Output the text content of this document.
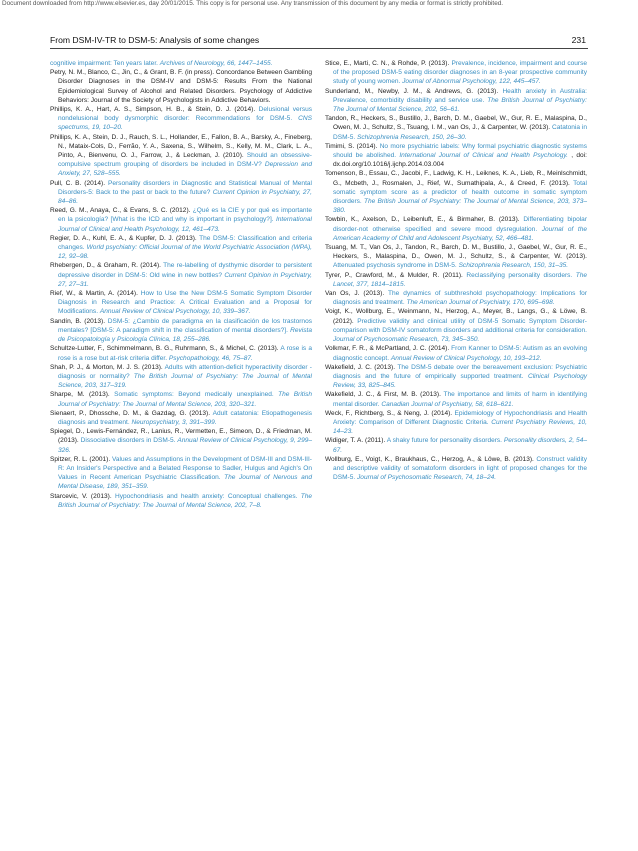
Document downloaded from http://www.elsevier.es, day 20/01/2015. This copy is for personal use. Any transmission of this document by any media or format is strictly prohibited.
From DSM-IV-TR to DSM-5: Analysis of some changes	231

cognitive impairment: Ten years later. Archives of Neurology, 66, 1447–1455.

Petry, N. M., Blanco, C., Jin, C., & Grant, B. F. (in press). Concordance Between Gambling Disorder Diagnoses in the DSM-IV and DSM-5: Results From the National Epidemiological Survey of Alcohol and Related Disorders. Psychology of Addictive Behaviors: Journal of the Society of Psychologists in Addictive Behaviors.

Phillips, K. A., Hart, A. S., Simpson, H. B., & Stein, D. J. (2014). Delusional versus nondelusional body dysmorphic disorder: Recommendations for DSM-5. CNS spectrums, 19, 10–20.

Phillips, K. A., Stein, D. J., Rauch, S. L., Hollander, E., Fallon, B. A., Barsky, A., Fineberg, N., Mataix-Cols, D., Ferrão, Y. A., Saxena, S., Wilhelm, S., Kelly, M. M., Clark, L. A., Pinto, A., Bienvenu, O. J., Farrow, J., & Leckman, J. (2010). Should an obsessive-compulsive spectrum grouping of disorders be included in DSM-V? Depression and Anxiety, 27, 528–555.

Pull, C. B. (2014). Personality disorders in Diagnostic and Statistical Manual of Mental Disorders-5: Back to the past or back to the future? Current Opinion in Psychiatry, 27, 84–86.

Reed, G. M., Anaya, C., & Evans, S. C. (2012). ¿Qué es la CIE y por qué es importante en la psicología? [What is the ICD and why is important in psychology?]. International Journal of Clinical and Health Psychology, 12, 461–473.

Regier, D. A., Kuhl, E. A., & Kupfer, D. J. (2013). The DSM-5: Classification and criteria changes. World psychiatry: Official Journal of the World Psychiatric Association (WPA), 12, 92–98.

Rhebergen, D., & Graham, R. (2014). The re-labelling of dysthymic disorder to persistent depressive disorder in DSM-5: Old wine in new bottles? Current Opinion in Psychiatry, 27, 27–31.

Rief, W., & Martin, A. (2014). How to Use the New DSM-5 Somatic Symptom Disorder Diagnosis in Research and Practice: A Critical Evaluation and a Proposal for Modifications. Annual Review of Clinical Psychology, 10, 339–367.

Sandín, B. (2013). DSM-5: ¿Cambio de paradigma en la clasificación de los trastornos mentales? [DSM-5: A paradigm shift in the classification of mental disorders?]. Revista de Psicopatología y Psicología Clínica, 18, 255–286.

Schultze-Lutter, F., Schimmelmann, B. G., Ruhrmann, S., & Michel, C. (2013). A rose is a rose is a rose but at-risk criteria differ. Psychopathology, 46, 75–87.

Shah, P. J., & Morton, M. J. S. (2013). Adults with attention-deficit hyperactivity disorder - diagnosis or normality? The British Journal of Psychiatry: The Journal of Mental Science, 203, 317–319.

Sharpe, M. (2013). Somatic symptoms: Beyond medically unexplained. The British Journal of Psychiatry: The Journal of Mental Science, 203, 320–321.

Sienaert, P., Dhossche, D. M., & Gazdag, G. (2013). Adult catatonia: Etiopathogenesis diagnosis and treatment. Neuropsychiatry, 3, 391–399.

Spiegel, D., Lewis-Fernández, R., Lanius, R., Vermetten, E., Simeon, D., & Friedman, M. (2013). Dissociative disorders in DSM-5. Annual Review of Clinical Psychology, 9, 299–326.

Spitzer, R. L. (2001). Values and Assumptions in the Development of DSM-III and DSM-III-R: An Insider's Perspective and a Belated Response to Sadler, Hulgus and Agich's On Values in Recent American Psychiatric Classification. The Journal of Nervous and Mental Disease, 189, 351–359.

Starcevic, V. (2013). Hypochondriasis and health anxiety: Conceptual challenges. The British Journal of Psychiatry: The Journal of Mental Science, 202, 7–8.

Stice, E., Marti, C. N., & Rohde, P. (2013). Prevalence, incidence, impairment and course of the proposed DSM-5 eating disorder diagnoses in an 8-year prospective community study of young women. Journal of Abnormal Psychology, 122, 445–457.

Sunderland, M., Newby, J. M., & Andrews, G. (2013). Health anxiety in Australia: Prevalence, comorbidity disability and service use. The British Journal of Psychiatry: The Journal of Mental Science, 202, 56–61.

Tandon, R., Heckers, S., Bustillo, J., Barch, D. M., Gaebel, W., Gur, R. E., Malaspina, D., Owen, M. J., Schultz, S., Tsuang, I. M., van Os, J., & Carpenter, W. (2013). Catatonia in DSM-5. Schizophrenia Research, 150, 26–30.

Timimi, S. (2014). No more psychiatric labels: Why formal psychiatric diagnostic systems should be abolished. International Journal of Clinical and Health Psychology. , doi: dx.doi.org/10.1016/j.ijchp.2014.03.004

Tomenson, B., Essau, C., Jacobi, F., Ladwig, K. H., Leiknes, K. A., Lieb, R., Meinlschmidt, G., Mcbeth, J., Rosmalen, J., Rief, W., Sumathipala, A., & Creed, F. (2013). Total somatic symptom score as a predictor of health outcome in somatic symptom disorders. The British Journal of Psychiatry: The Journal of Mental Science, 203, 373–380.

Towbin, K., Axelson, D., Leibenluft, E., & Birmaher, B. (2013). Differentiating bipolar disorder-not otherwise specified and severe mood dysregulation. Journal of the American Academy of Child and Adolescent Psychiatry, 52, 466–481.

Tsuang, M. T., Van Os, J., Tandon, R., Barch, D. M., Bustillo, J., Gaebel, W., Gur, R. E., Heckers, S., Malaspina, D., Owen, M. J., Schultz, S., & Carpenter, W. (2013). Attenuated psychosis syndrome in DSM-5. Schizophrenia Research, 150, 31–35.

Tyrer, P., Crawford, M., & Mulder, R. (2011). Reclassifying personality disorders. The Lancet, 377, 1814–1815.

Van Os, J. (2013). The dynamics of subthreshold psychopathology: Implications for diagnosis and treatment. The American Journal of Psychiatry, 170, 695–698.

Voigt, K., Wollburg, E., Weinmann, N., Herzog, A., Meyer, B., Langs, G., & Löwe, B. (2012). Predictive validity and clinical utility of DSM-5 Somatic Symptom Disorder-comparison with DSM-IV somatoform disorders and additional criteria for consideration. Journal of Psychosomatic Research, 73, 345–350.

Volkmar, F. R., & McPartland, J. C. (2014). From Kanner to DSM-5: Autism as an evolving diagnostic concept. Annual Review of Clinical Psychology, 10, 193–212.

Wakefield, J. C. (2013). The DSM-5 debate over the bereavement exclusion: Psychiatric diagnosis and the future of empirically supported treatment. Clinical Psychology Review, 33, 825–845.

Wakefield, J. C., & First, M. B. (2013). The importance and limits of harm in identifying mental disorder. Canadian Journal of Psychiatry, 58, 618–621.

Weck, F., Richtberg, S., & Neng, J. (2014). Epidemiology of Hypochondriasis and Health Anxiety: Comparison of Different Diagnostic Criteria. Current Psychiatry Reviews, 10, 14–23.

Widiger, T. A. (2011). A shaky future for personality disorders. Personality disorders, 2, 54–67.

Wollburg, E., Voigt, K., Braukhaus, C., Herzog, A., & Löwe, B. (2013). Construct validity and descriptive validity of somatoform disorders in light of proposed changes for the DSM-5. Journal of Psychosomatic Research, 74, 18–24.
